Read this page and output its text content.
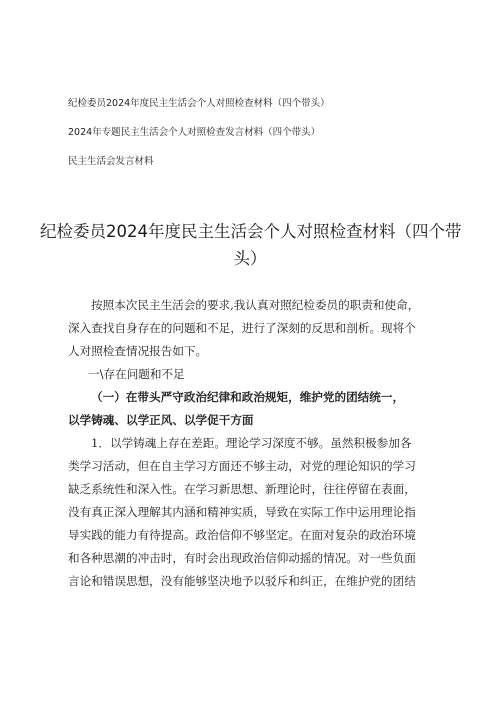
纪检委员2024年度民主生活会个人对照检查材料（四个带头）
2024年专题民主生活会个人对照检查发言材料（四个带头）
民主生活会发言材料
纪检委员2024年度民主生活会个人对照检查材料（四个带
头）
按照本次民主生活会的要求,我认真对照纪检委员的职责和使命，
深入查找自身存在的问题和不足，进行了深刻的反思和剖析。现将个
人对照检查情况报告如下。
一\存在问题和不足
（一）在带头严守政治纪律和政治规矩，维护党的团结统一，
以学铸魂、以学正风、以学促干方面
1．以学铸魂上存在差距。理论学习深度不够。虽然积极参加各
类学习活动，但在自主学习方面还不够主动，对党的理论知识的学习
缺乏系统性和深入性。在学习新思想、新理论时，往往停留在表面，
没有真正深入理解其内涵和精神实质，导致在实际工作中运用理论指
导实践的能力有待提高。政治信仰不够坚定。在面对复杂的政治环境
和各种思潮的冲击时，有时会出现政治信仰动摇的情况。对一些负面
言论和错误思想，没有能够坚决地予以驳斥和纠正，在维护党的团结
